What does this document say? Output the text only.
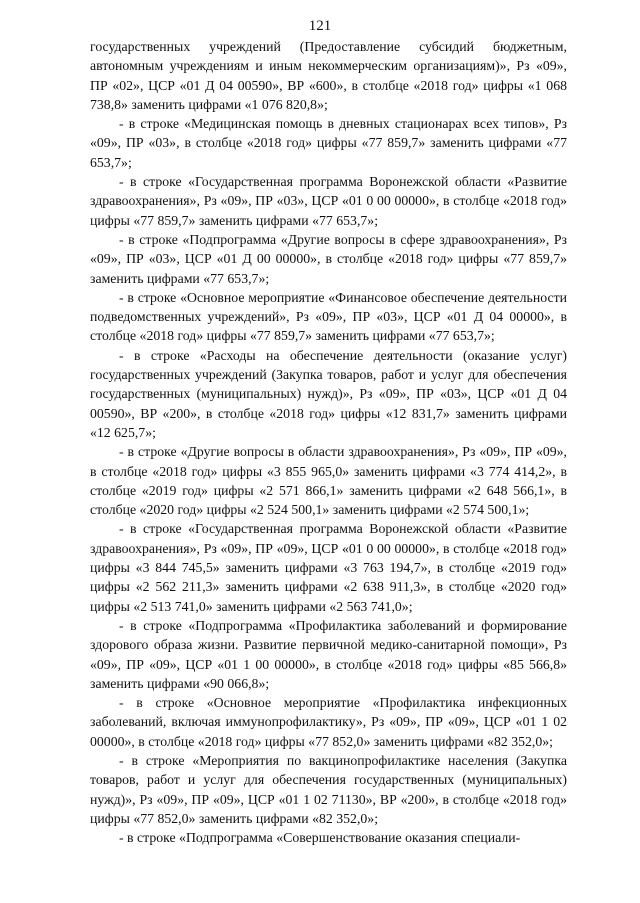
121

государственных учреждений (Предоставление субсидий бюджетным, автономным учреждениям и иным некоммерческим организациям)», Рз «09», ПР «02», ЦСР «01 Д 04 00590», ВР «600», в столбце «2018 год» цифры «1 068 738,8» заменить цифрами «1 076 820,8»;

- в строке «Медицинская помощь в дневных стационарах всех типов», Рз «09», ПР «03», в столбце «2018 год» цифры «77 859,7» заменить цифрами «77 653,7»;

- в строке «Государственная программа Воронежской области «Развитие здравоохранения», Рз «09», ПР «03», ЦСР «01 0 00 00000», в столбце «2018 год» цифры «77 859,7» заменить цифрами «77 653,7»;

- в строке «Подпрограмма «Другие вопросы в сфере здравоохранения», Рз «09», ПР «03», ЦСР «01 Д 00 00000», в столбце «2018 год» цифры «77 859,7» заменить цифрами «77 653,7»;

- в строке «Основное мероприятие «Финансовое обеспечение деятельности подведомственных учреждений», Рз «09», ПР «03», ЦСР «01 Д 04 00000», в столбце «2018 год» цифры «77 859,7» заменить цифрами «77 653,7»;

- в строке «Расходы на обеспечение деятельности (оказание услуг) государственных учреждений (Закупка товаров, работ и услуг для обеспечения государственных (муниципальных) нужд)», Рз «09», ПР «03», ЦСР «01 Д 04 00590», ВР «200», в столбце «2018 год» цифры «12 831,7» заменить цифрами «12 625,7»;

- в строке «Другие вопросы в области здравоохранения», Рз «09», ПР «09», в столбце «2018 год» цифры «3 855 965,0» заменить цифрами «3 774 414,2», в столбце «2019 год» цифры «2 571 866,1» заменить цифрами «2 648 566,1», в столбце «2020 год» цифры «2 524 500,1» заменить цифрами «2 574 500,1»;

- в строке «Государственная программа Воронежской области «Развитие здравоохранения», Рз «09», ПР «09», ЦСР «01 0 00 00000», в столбце «2018 год» цифры «3 844 745,5» заменить цифрами «3 763 194,7», в столбце «2019 год» цифры «2 562 211,3» заменить цифрами «2 638 911,3», в столбце «2020 год» цифры «2 513 741,0» заменить цифрами «2 563 741,0»;

- в строке «Подпрограмма «Профилактика заболеваний и формирование здорового образа жизни. Развитие первичной медико-санитарной помощи», Рз «09», ПР «09», ЦСР «01 1 00 00000», в столбце «2018 год» цифры «85 566,8» заменить цифрами «90 066,8»;

- в строке «Основное мероприятие «Профилактика инфекционных заболеваний, включая иммунопрофилактику», Рз «09», ПР «09», ЦСР «01 1 02 00000», в столбце «2018 год» цифры «77 852,0» заменить цифрами «82 352,0»;

- в строке «Мероприятия по вакцинопрофилактике населения (Закупка товаров, работ и услуг для обеспечения государственных (муниципальных) нужд)», Рз «09», ПР «09», ЦСР «01 1 02 71130», ВР «200», в столбце «2018 год» цифры «77 852,0» заменить цифрами «82 352,0»;

- в строке «Подпрограмма «Совершенствование оказания специали-
